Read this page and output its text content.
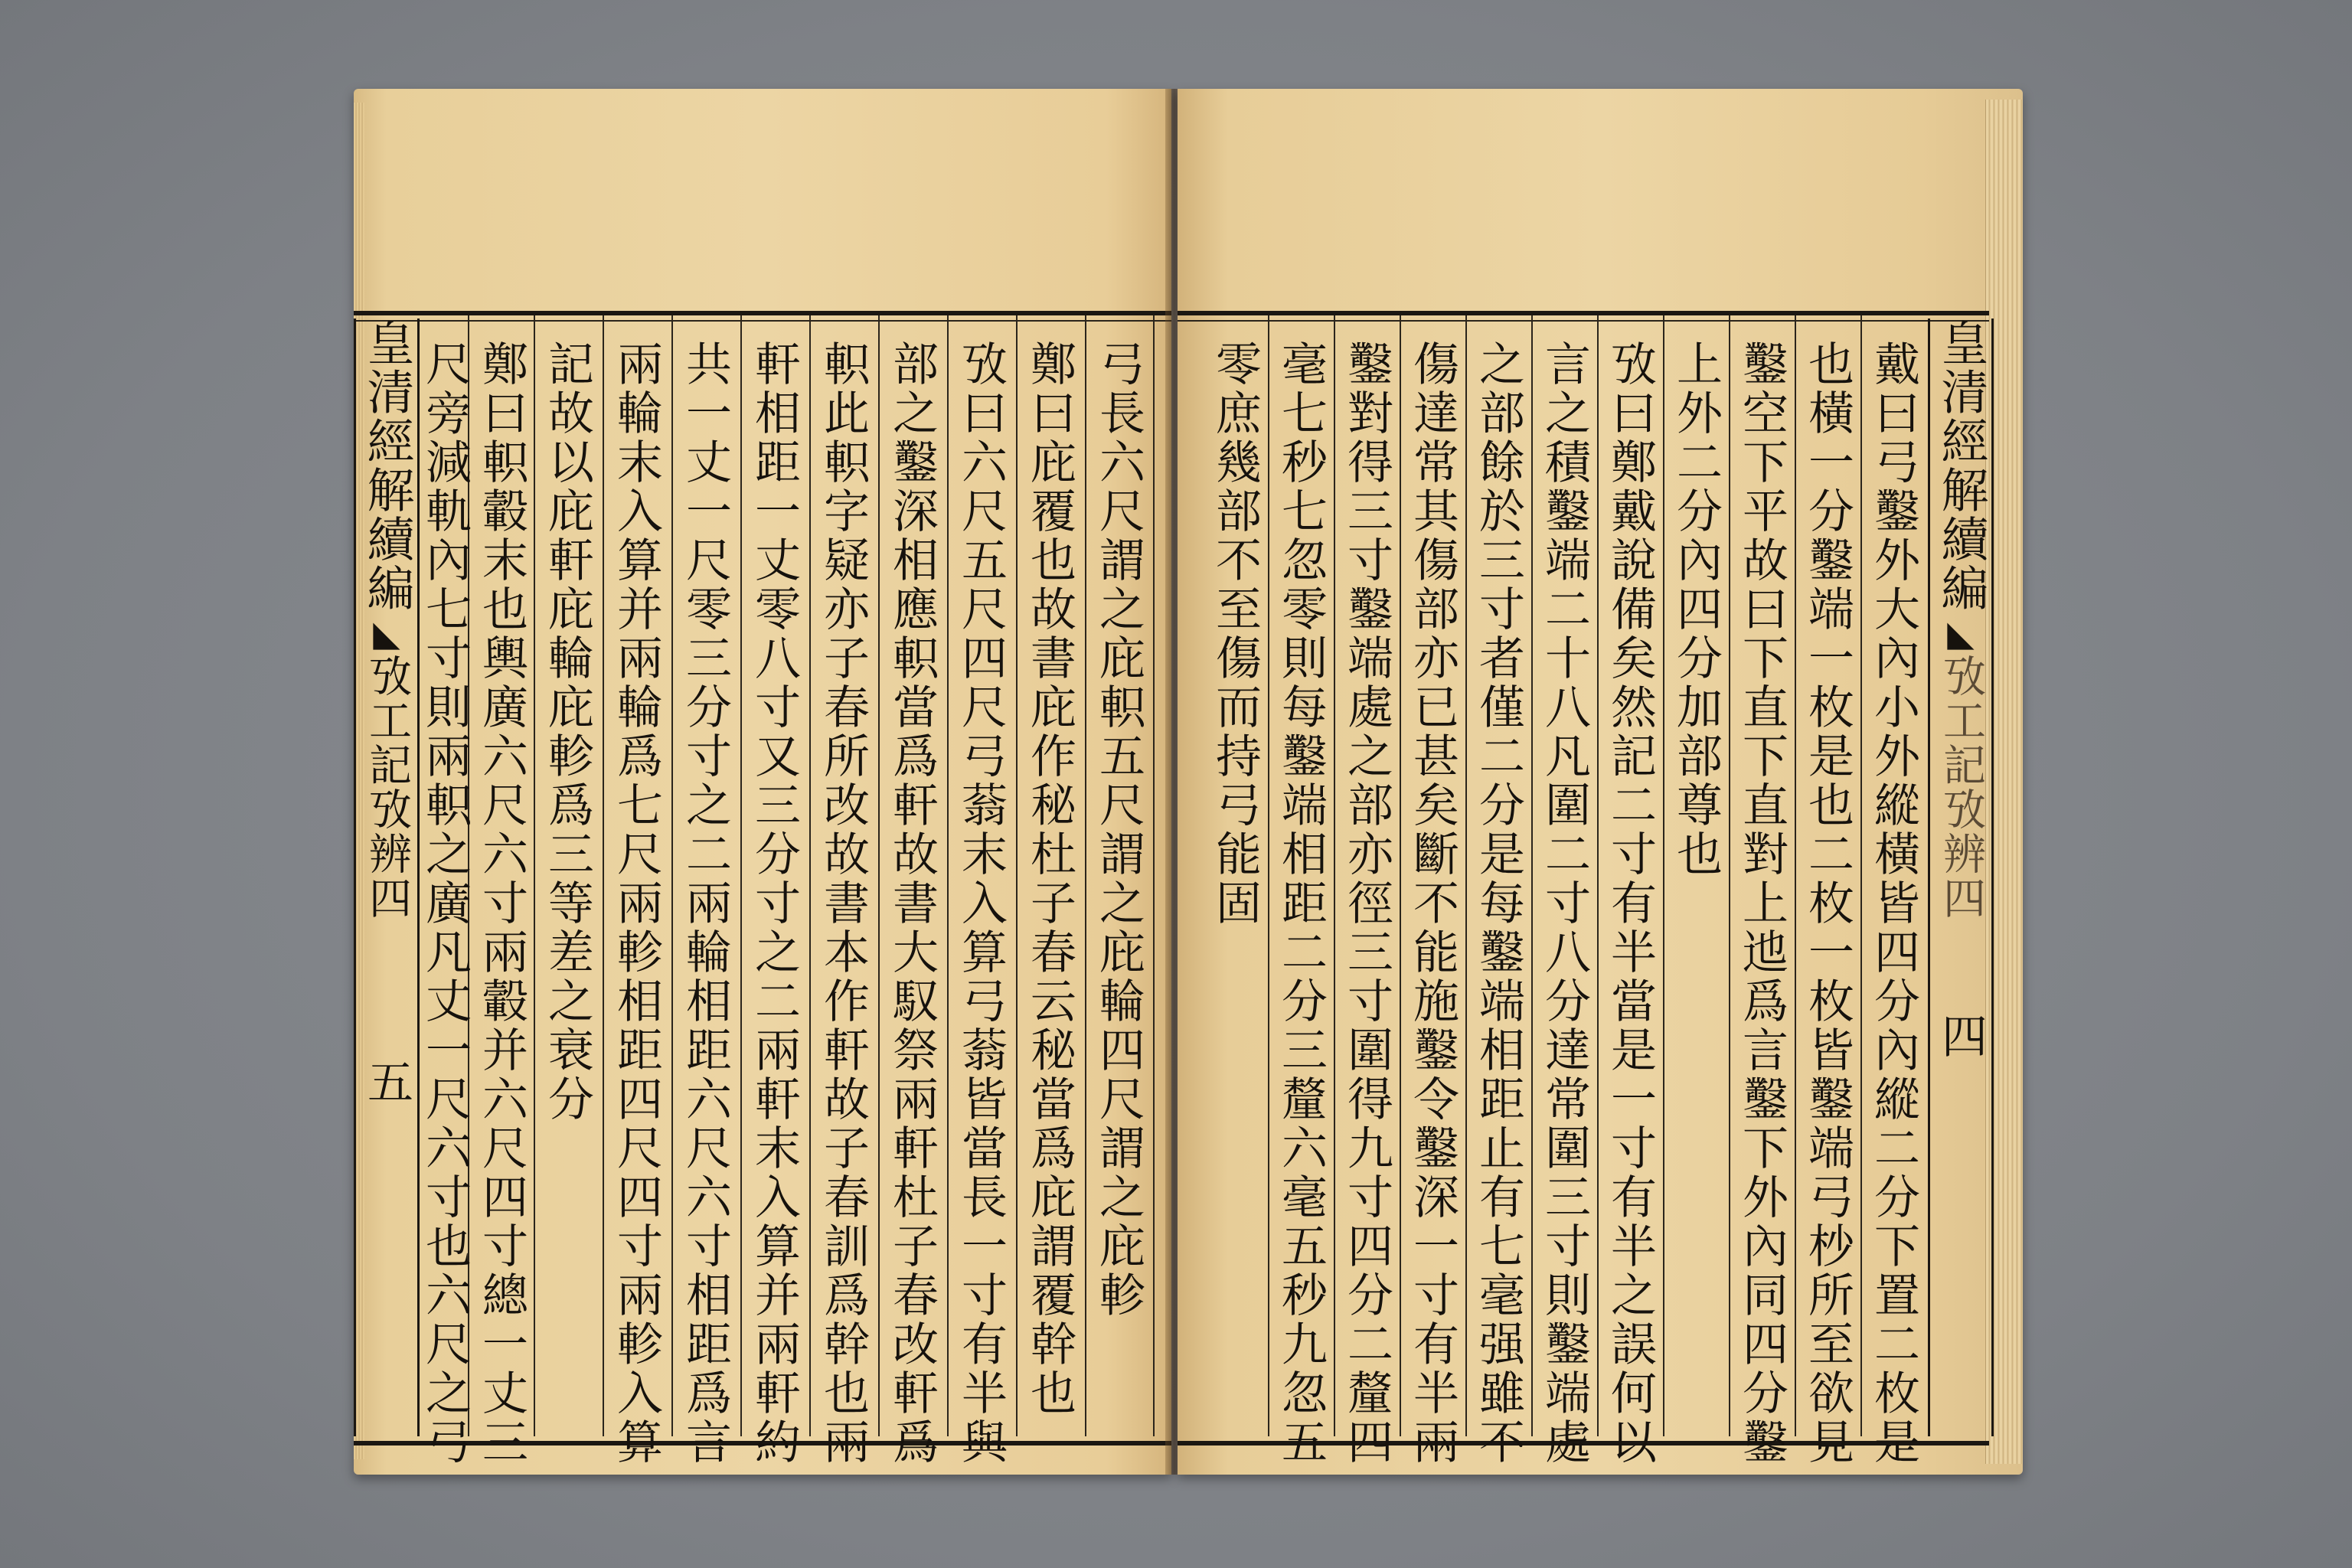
皇清經解續編◣攷工記攷辨四五	弓長六尺謂之庇軹五尺謂之庇輪四尺謂之庇軫
鄭曰庇覆也故書庇作秘杜子春云秘當爲庇謂覆幹也
攷曰六尺五尺四尺弓蓊末入算弓蓊皆當長一寸有半與
部之鑿深相應軹當爲軒故書大馭祭兩軒杜子春改軒爲
軹此軹字疑亦子春所改故書本作軒故子春訓爲幹也兩
軒相距一丈零八寸又三分寸之二兩軒末入算并兩軒約
共一丈一尺零三分寸之二兩輪相距六尺六寸相距爲言
兩輪末入算并兩輪爲七尺兩軫相距四尺四寸兩軫入算
記故以庇軒庇輪庇軫爲三等差之衰分
鄭曰軹轂末也輿廣六尺六寸兩轂并六尺四寸總一丈三
尺旁減軌內七寸則兩軹之廣凡丈一尺六寸也六尺之弓	皇清經解續編◣攷工記攷辨四四
戴曰弓鑿外大內小外縱橫皆四分內縱二分下置二枚是
也橫一分鑿端一枚是也二枚一枚皆鑿端弓杪所至欲見
鑿空下平故曰下直下直對上迆爲言鑿下外內同四分鑿
上外二分內四分加部尊也
攷曰鄭戴說備矣然記二寸有半當是一寸有半之誤何以
言之積鑿端二十八凡圍二寸八分達常圍三寸則鑿端處
之部餘於三寸者僅二分是每鑿端相距止有七毫强雖不
傷達常其傷部亦已甚矣斷不能施鑿令鑿深一寸有半兩
鑿對得三寸鑿端處之部亦徑三寸圍得九寸四分二釐四
毫七秒七忽零則每鑿端相距二分三釐六毫五秒九忽五
零庶幾部不至傷而持弓能固
